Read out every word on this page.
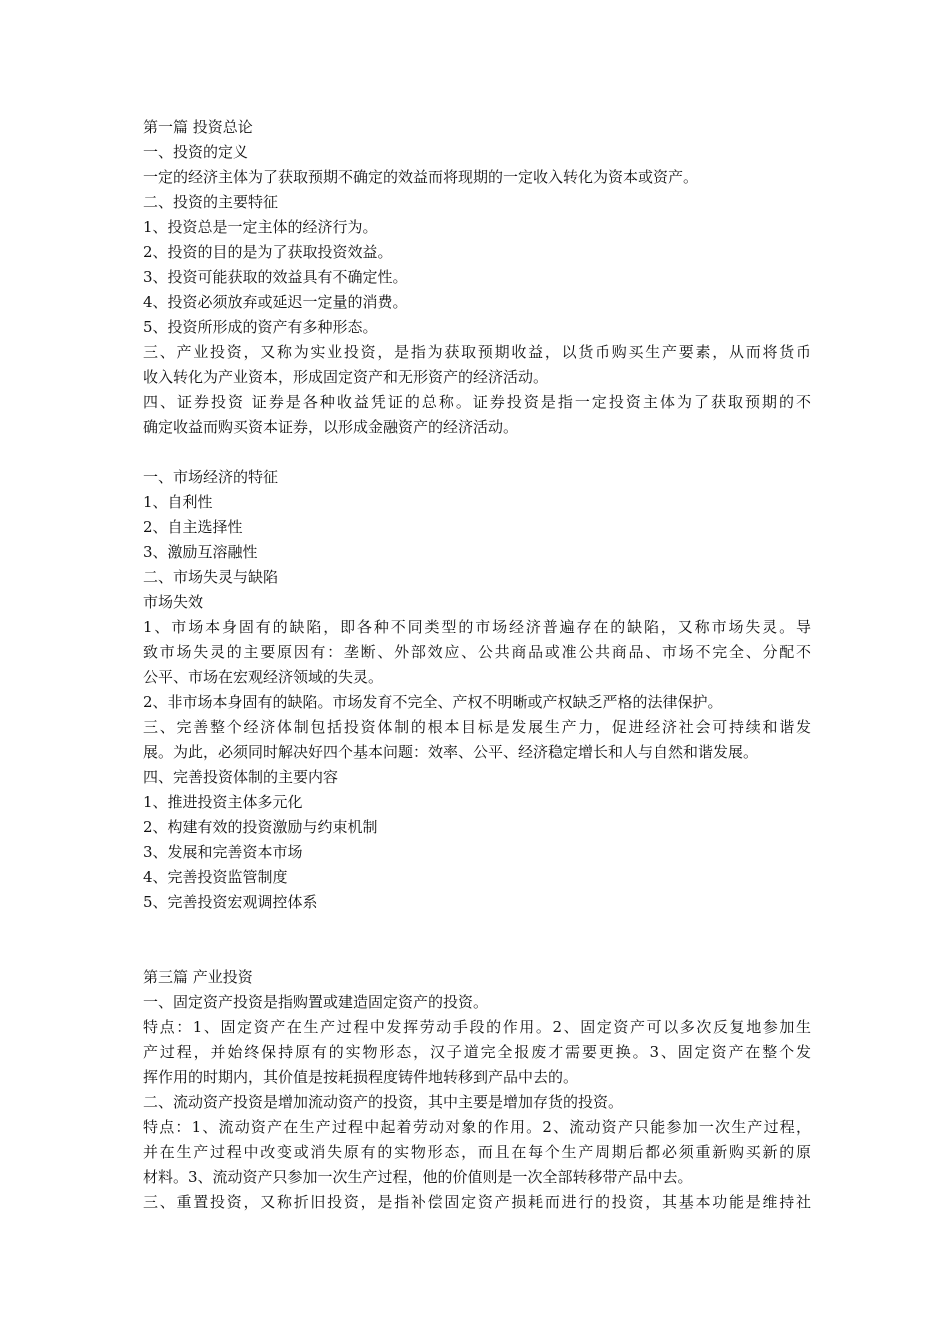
第一篇 投资总论
一、投资的定义
一定的经济主体为了获取预期不确定的效益而将现期的一定收入转化为资本或资产。
二、投资的主要特征
1、投资总是一定主体的经济行为。
2、投资的目的是为了获取投资效益。
3、投资可能获取的效益具有不确定性。
4、投资必须放弃或延迟一定量的消费。
5、投资所形成的资产有多种形态。
三、产业投资，又称为实业投资，是指为获取预期收益，以货币购买生产要素，从而将货币
收入转化为产业资本，形成固定资产和无形资产的经济活动。
四、证券投资 证券是各种收益凭证的总称。证券投资是指一定投资主体为了获取预期的不
确定收益而购买资本证券，以形成金融资产的经济活动。
一、市场经济的特征
1、自利性
2、自主选择性
3、激励互溶融性
二、市场失灵与缺陷
市场失效
1、市场本身固有的缺陷，即各种不同类型的市场经济普遍存在的缺陷，又称市场失灵。导
致市场失灵的主要原因有：垄断、外部效应、公共商品或准公共商品、市场不完全、分配不
公平、市场在宏观经济领域的失灵。
2、非市场本身固有的缺陷。市场发育不完全、产权不明晰或产权缺乏严格的法律保护。
三、完善整个经济体制包括投资体制的根本目标是发展生产力，促进经济社会可持续和谐发
展。为此，必须同时解决好四个基本问题：效率、公平、经济稳定增长和人与自然和谐发展。
四、完善投资体制的主要内容
1、推进投资主体多元化
2、构建有效的投资激励与约束机制
3、发展和完善资本市场
4、完善投资监管制度
5、完善投资宏观调控体系
第三篇 产业投资
一、固定资产投资是指购置或建造固定资产的投资。
特点：1、固定资产在生产过程中发挥劳动手段的作用。2、固定资产可以多次反复地参加生
产过程，并始终保持原有的实物形态，汉子道完全报废才需要更换。3、固定资产在整个发
挥作用的时期内，其价值是按耗损程度铸件地转移到产品中去的。
二、流动资产投资是增加流动资产的投资，其中主要是增加存货的投资。
特点：1、流动资产在生产过程中起着劳动对象的作用。2、流动资产只能参加一次生产过程，
并在生产过程中改变或消失原有的实物形态，而且在每个生产周期后都必须重新购买新的原
材料。3、流动资产只参加一次生产过程，他的价值则是一次全部转移带产品中去。
三、重置投资，又称折旧投资，是指补偿固定资产损耗而进行的投资，其基本功能是维持社
